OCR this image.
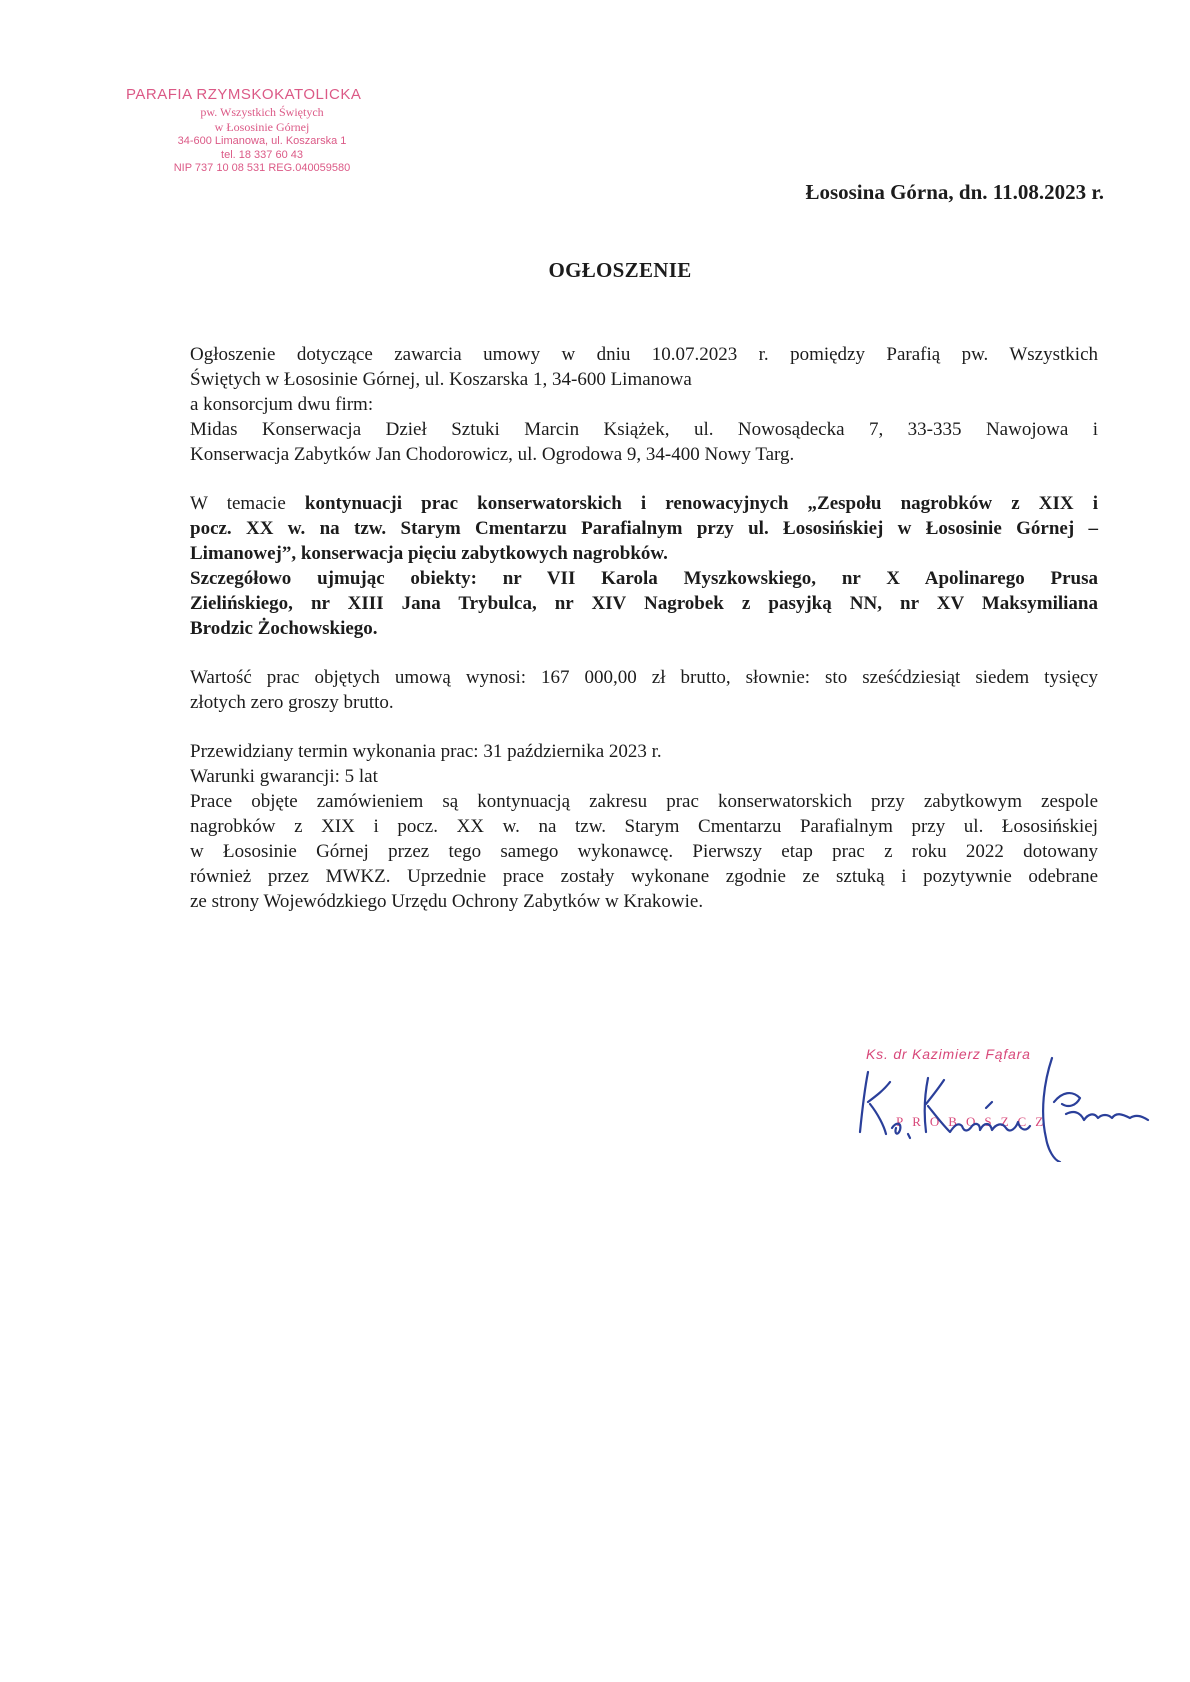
PARAFIA RZYMSKOKATOLICKA
pw. Wszystkich Świętych
w Łososinie Górnej
34-600 Limanowa, ul. Koszarska 1
tel. 18 337 60 43
NIP 737 10 08 531 REG.040059580
Łososina Górna, dn. 11.08.2023 r.
OGŁOSZENIE
Ogłoszenie dotyczące zawarcia umowy w dniu 10.07.2023 r. pomiędzy Parafią pw. Wszystkich
Świętych w Łososinie Górnej, ul. Koszarska 1, 34-600 Limanowa
a konsorcjum dwu firm:
Midas Konserwacja Dzieł Sztuki Marcin Książek, ul. Nowosądecka 7, 33-335 Nawojowa i
Konserwacja Zabytków Jan Chodorowicz, ul. Ogrodowa 9, 34-400 Nowy Targ.
W temacie kontynuacji prac konserwatorskich i renowacyjnych „Zespołu nagrobków z XIX i
pocz. XX w. na tzw. Starym Cmentarzu Parafialnym przy ul. Łososińskiej w Łososinie Górnej –
Limanowej”, konserwacja pięciu zabytkowych nagrobków.
Szczegółowo ujmując obiekty: nr VII Karola Myszkowskiego, nr X Apolinarego Prusa
Zielińskiego, nr XIII Jana Trybulca, nr XIV Nagrobek z pasyjką NN, nr XV Maksymiliana
Brodzic Żochowskiego.
Wartość prac objętych umową wynosi: 167 000,00 zł brutto, słownie: sto sześćdziesiąt siedem tysięcy
złotych zero groszy brutto.
Przewidziany termin wykonania prac: 31 października 2023 r.
Warunki gwarancji: 5 lat
Prace objęte zamówieniem są kontynuacją zakresu prac konserwatorskich przy zabytkowym zespole
nagrobków z XIX i pocz. XX w. na tzw. Starym Cmentarzu Parafialnym przy ul. Łososińskiej
w Łososinie Górnej przez tego samego wykonawcę. Pierwszy etap prac z roku 2022 dotowany
również przez MWKZ. Uprzednie prace zostały wykonane zgodnie ze sztuką i pozytywnie odebrane
ze strony Wojewódzkiego Urzędu Ochrony Zabytków w Krakowie.
Ks. dr Kazimierz Fąfara
PROBOSZCZ
